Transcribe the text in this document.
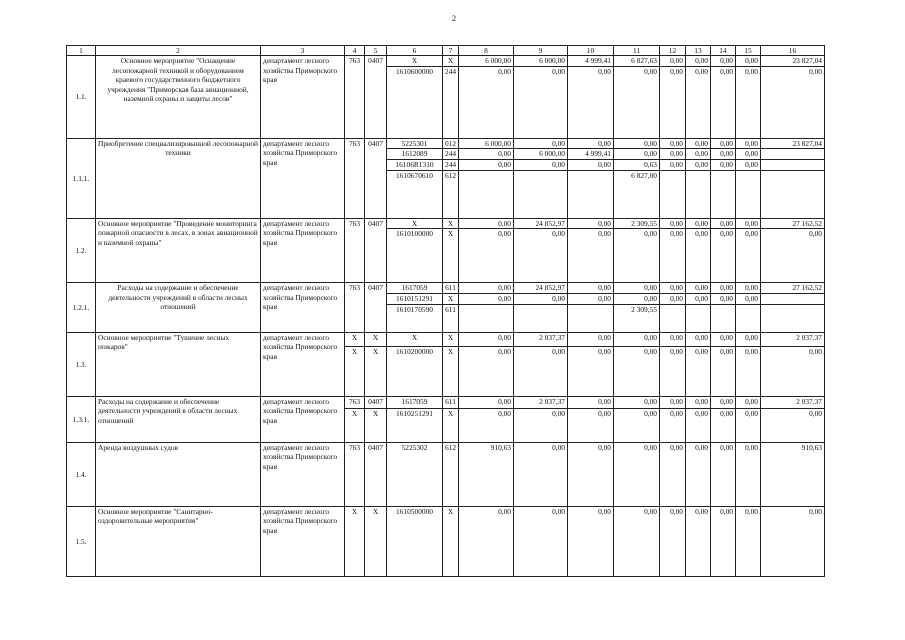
2
1	2	3	4	5	6	7	8	9	10	11	12	13	14	15	16
1.1.	Основное мероприятие "Оснащение лесопожарной техникой и оборудованием краевого государственного бюджетного учреждения "Приморская база авиационной, наземной охраны и защиты лесов"	департамент лесного хозяйства Приморского края	763	0407	Х	Х	6 000,00	6 000,00	4 999,41	6 827,63	0,00	0,00	0,00	0,00	23 827,04
					1610600000	244	0,00	0,00	0,00	0,00	0,00	0,00	0,00	0,00	0,00
1.1.1.	Приобретение специализированной лесопожарной техники	департамент лесного хозяйства Приморского края	763	0407	5225301	012	6 000,00	0,00	0,00	0,00	0,00	0,00	0,00	0,00	23 827,04
					1612089	244	0,00	6 000,00	4 999,41	0,00	0,00	0,00	0,00	0,00	
					16106R1310	244	0,00	0,00	0,00	0,63	0,00	0,00	0,00	0,00	
					1610670610	612				6 827,00					
1.2.	Основное мероприятие "Проведение мониторинга пожарной опасности в лесах, в зонах авиационной и наземной охраны"	департамент лесного хозяйства Приморского края	763	0407	Х	Х	0,00	24 852,97	0,00	2 309,55	0,00	0,00	0,00	0,00	27 162,52
					1610100000	Х	0,00	0,00	0,00	0,00	0,00	0,00	0,00	0,00	0,00
1.2.1.	Расходы на содержание и обеспечение деятельности учреждений в области лесных отношений	департамент лесного хозяйства Приморского края	763	0407	1617059	611	0,00	24 852,97	0,00	0,00	0,00	0,00	0,00	0,00	27 162,52
					1610151291	Х	0,00	0,00	0,00	0,00	0,00	0,00	0,00	0,00	
					1610170590	611				2 309,55					
1.3.	Основное мероприятие "Тушение лесных пожаров"	департамент лесного хозяйства Приморского края	Х	Х	Х	Х	0,00	2 037,37	0,00	0,00	0,00	0,00	0,00	0,00	2 037,37
			Х	Х	1610200000	Х	0,00	0,00	0,00	0,00	0,00	0,00	0,00	0,00	0,00
1.3.1.	Расходы на содержание и обеспечение деятельности учреждений в области лесных отношений	департамент лесного хозяйства Приморского края	763	0407	1617059	611	0,00	2 037,37	0,00	0,00	0,00	0,00	0,00	0,00	2 037,37
			Х	Х	1610251291	Х	0,00	0,00	0,00	0,00	0,00	0,00	0,00	0,00	0,00
1.4.	Аренда воздушных судов	департамент лесного хозяйства Приморского края	763	0407	5225302	612	910,63	0,00	0,00	0,00	0,00	0,00	0,00	0,00	910,63
1.5.	Основное мероприятие "Санитарно-оздоровительные мероприятия"	департамент лесного хозяйства Приморского края	Х	Х	1610500000	Х	0,00	0,00	0,00	0,00	0,00	0,00	0,00	0,00	0,00
